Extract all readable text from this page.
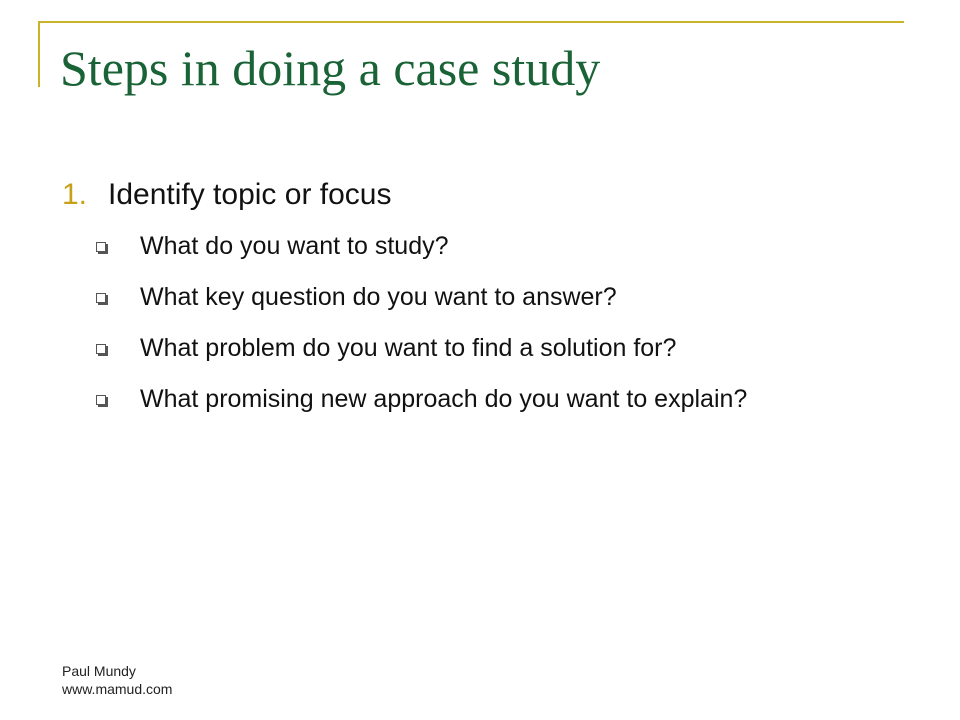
Steps in doing a case study
1. Identify topic or focus
What do you want to study?
What key question do you want to answer?
What problem do you want to find a solution for?
What promising new approach do you want to explain?
Paul Mundy
www.mamud.com
